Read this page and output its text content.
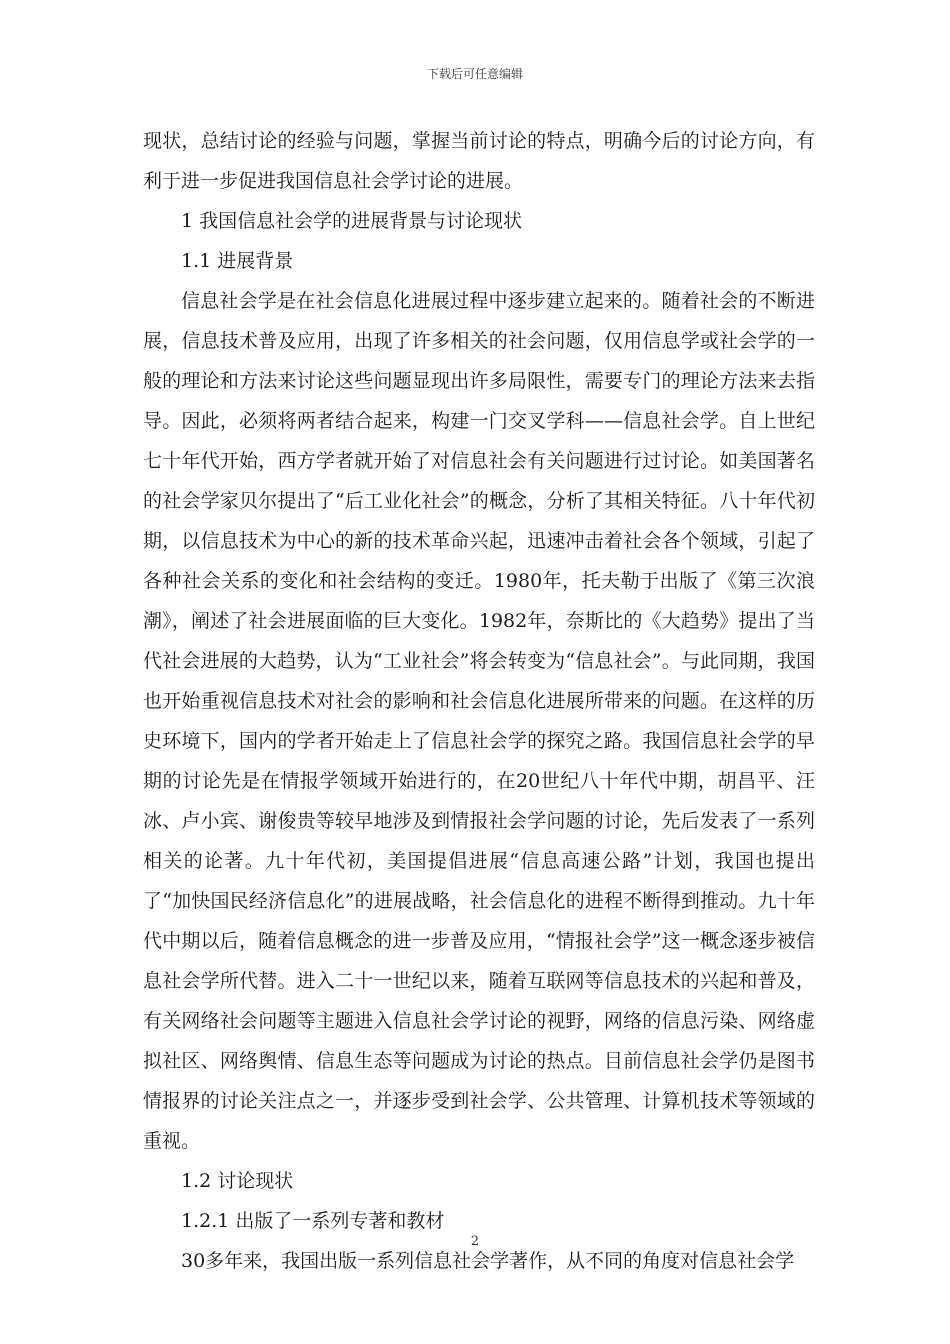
下载后可任意编辑

现状，总结讨论的经验与问题，掌握当前讨论的特点，明确今后的讨论方向，有利于进一步促进我国信息社会学讨论的进展。

1 我国信息社会学的进展背景与讨论现状

1.1 进展背景

信息社会学是在社会信息化进展过程中逐步建立起来的。随着社会的不断进展，信息技术普及应用，出现了许多相关的社会问题，仅用信息学或社会学的一般的理论和方法来讨论这些问题显现出许多局限性，需要专门的理论方法来去指导。因此，必须将两者结合起来，构建一门交叉学科——信息社会学。自上世纪七十年代开始，西方学者就开始了对信息社会有关问题进行过讨论。如美国著名的社会学家贝尔提出了“后工业化社会”的概念，分析了其相关特征。八十年代初期，以信息技术为中心的新的技术革命兴起，迅速冲击着社会各个领域，引起了各种社会关系的变化和社会结构的变迁。1980年，托夫勒于出版了《第三次浪潮》，阐述了社会进展面临的巨大变化。1982年，奈斯比的《大趋势》提出了当代社会进展的大趋势，认为“工业社会”将会转变为“信息社会”。与此同期，我国也开始重视信息技术对社会的影响和社会信息化进展所带来的问题。在这样的历史环境下，国内的学者开始走上了信息社会学的探究之路。我国信息社会学的早期的讨论先是在情报学领域开始进行的，在20世纪八十年代中期，胡昌平、汪冰、卢小宾、谢俊贵等较早地涉及到情报社会学问题的讨论，先后发表了一系列相关的论著。九十年代初，美国提倡进展“信息高速公路”计划，我国也提出了“加快国民经济信息化”的进展战略，社会信息化的进程不断得到推动。九十年代中期以后，随着信息概念的进一步普及应用，“情报社会学”这一概念逐步被信息社会学所代替。进入二十一世纪以来，随着互联网等信息技术的兴起和普及，有关网络社会问题等主题进入信息社会学讨论的视野，网络的信息污染、网络虚拟社区、网络舆情、信息生态等问题成为讨论的热点。目前信息社会学仍是图书情报界的讨论关注点之一，并逐步受到社会学、公共管理、计算机技术等领域的重视。

1.2 讨论现状

1.2.1 出版了一系列专著和教材

30多年来，我国出版一系列信息社会学著作，从不同的角度对信息社会学

2
